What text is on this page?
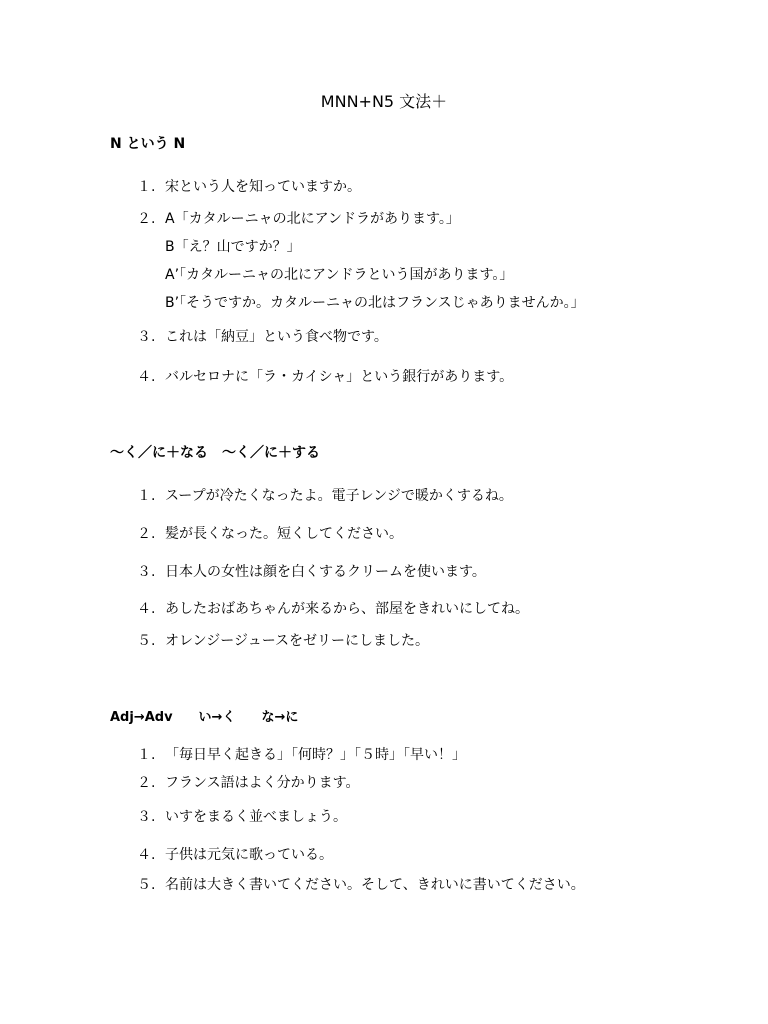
MNN+N5 文法＋
N という N
１. 宋という人を知っていますか。
２. A「カタルーニャの北にアンドラがあります。」
B「え？山ですか？」
A’「カタルーニャの北にアンドラという国があります。」
B’「そうですか。カタルーニャの北はフランスじゃありませんか。」
３. これは「納豆」という食べ物です。
４. バルセロナに「ラ・カイシャ」という銀行があります。
～く／に＋なる　～く／に＋する
１. スープが冷たくなったよ。電子レンジで暖かくするね。
２. 髪が長くなった。短くしてください。
３. 日本人の女性は顔を白くするクリームを使います。
４. あしたおばあちゃんが来るから、部屋をきれいにしてね。
５. オレンジージュースをゼリーにしました。
Adj→Adv　　い→く　　な→に
１. 「毎日早く起きる」「何時？」「５時」「早い！」
２. フランス語はよく分かります。
３. いすをまるく並べましょう。
４. 子供は元気に歌っている。
５. 名前は大きく書いてください。そして、きれいに書いてください。
